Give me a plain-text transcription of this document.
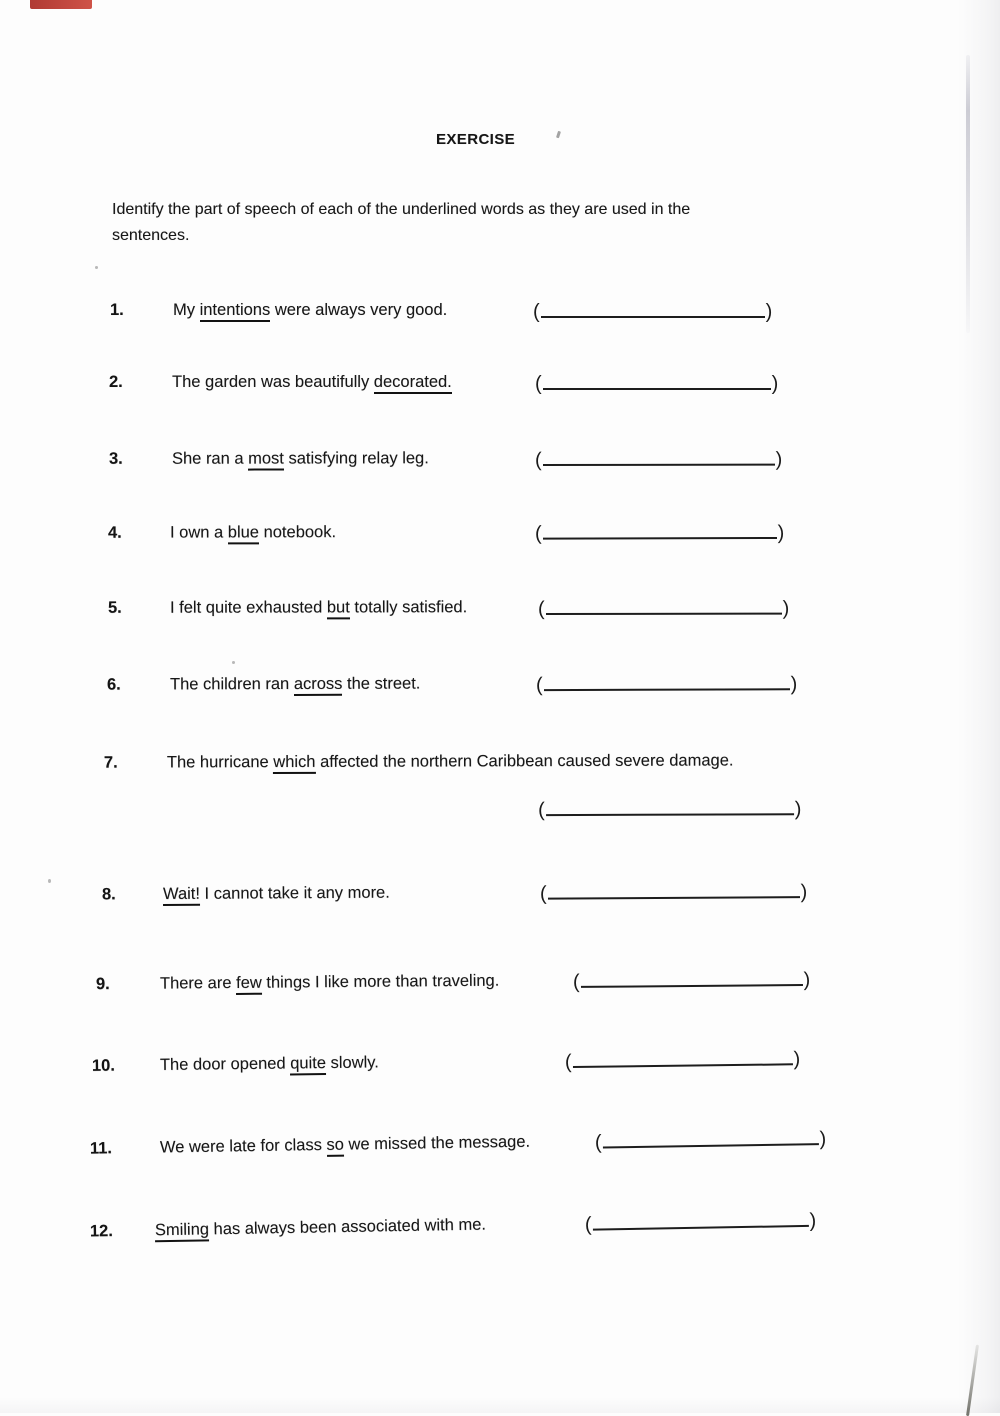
EXERCISE
Identify the part of speech of each of the underlined words as they are used in the
sentences.
1.	My intentions were always very good.	(	)
2.	The garden was beautifully decorated.	(	)
3.	She ran a most satisfying relay leg.	(	)
4.	I own a blue notebook.	(	)
5.	I felt quite exhausted but totally satisfied.	(	)
6.	The children ran across the street.	(	)
7.	The hurricane which affected the northern Caribbean caused severe damage.
(	)
8.	Wait! I cannot take it any more.	(	)
9.	There are few things I like more than traveling.	(	)
10.	The door opened quite slowly.	(	)
11.	We were late for class so we missed the message.	(	)
12.	Smiling has always been associated with me.	(	)
